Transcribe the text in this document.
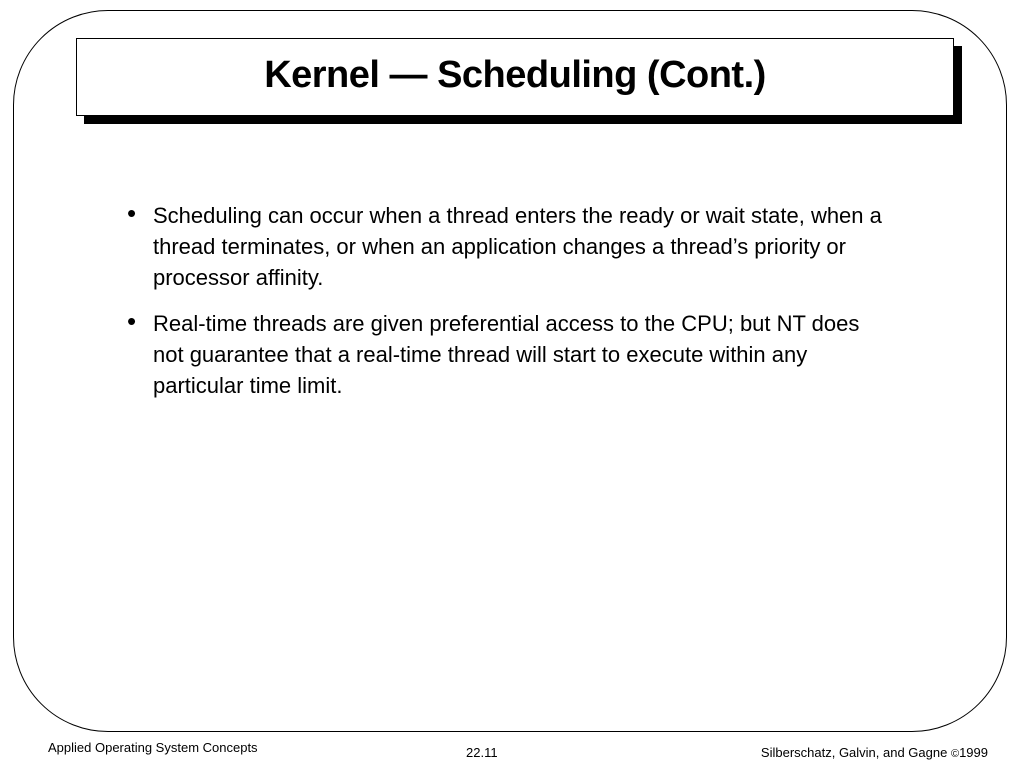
Kernel — Scheduling (Cont.)
• Scheduling can occur when a thread enters the ready or wait state, when a thread terminates, or when an application changes a thread’s priority or processor affinity.
• Real-time threads are given preferential access to the CPU; but NT does not guarantee that a real-time thread will start to execute within any particular time limit.
Applied Operating System Concepts	22.11	Silberschatz, Galvin, and Gagne ©1999
